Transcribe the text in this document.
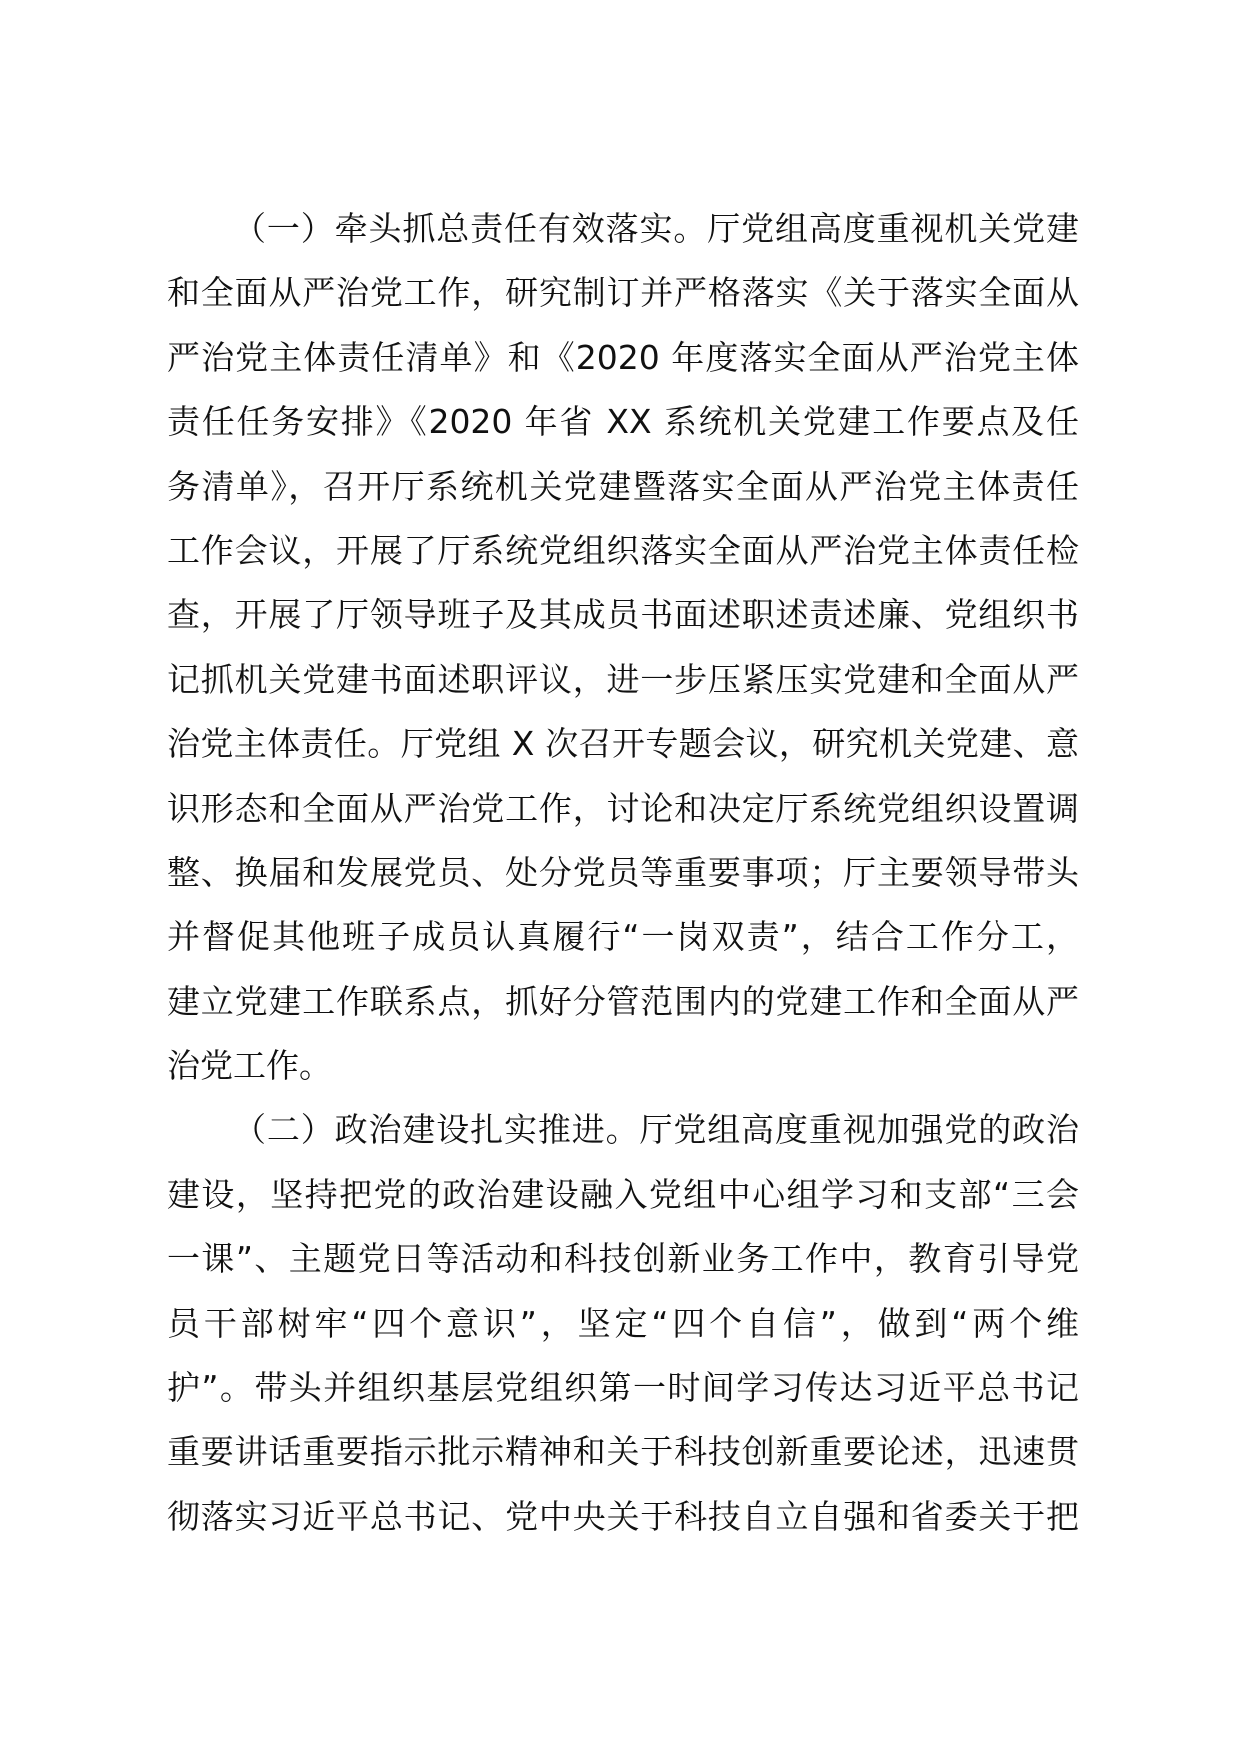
（一）牵头抓总责任有效落实。厅党组高度重视机关党建
和全面从严治党工作，研究制订并严格落实《关于落实全面从
严治党主体责任清单》和《2020 年度落实全面从严治党主体
责任任务安排》《2020 年省 XX 系统机关党建工作要点及任
务清单》，召开厅系统机关党建暨落实全面从严治党主体责任
工作会议，开展了厅系统党组织落实全面从严治党主体责任检
查，开展了厅领导班子及其成员书面述职述责述廉、党组织书
记抓机关党建书面述职评议，进一步压紧压实党建和全面从严
治党主体责任。厅党组 X 次召开专题会议，研究机关党建、意
识形态和全面从严治党工作，讨论和决定厅系统党组织设置调
整、换届和发展党员、处分党员等重要事项；厅主要领导带头
并督促其他班子成员认真履行“一岗双责”，结合工作分工，
建立党建工作联系点，抓好分管范围内的党建工作和全面从严
治党工作。
（二）政治建设扎实推进。厅党组高度重视加强党的政治
建设，坚持把党的政治建设融入党组中心组学习和支部“三会
一课”、主题党日等活动和科技创新业务工作中，教育引导党
员干部树牢“四个意识”，坚定“四个自信”，做到“两个维
护”。带头并组织基层党组织第一时间学习传达习近平总书记
重要讲话重要指示批示精神和关于科技创新重要论述，迅速贯
彻落实习近平总书记、党中央关于科技自立自强和省委关于把
